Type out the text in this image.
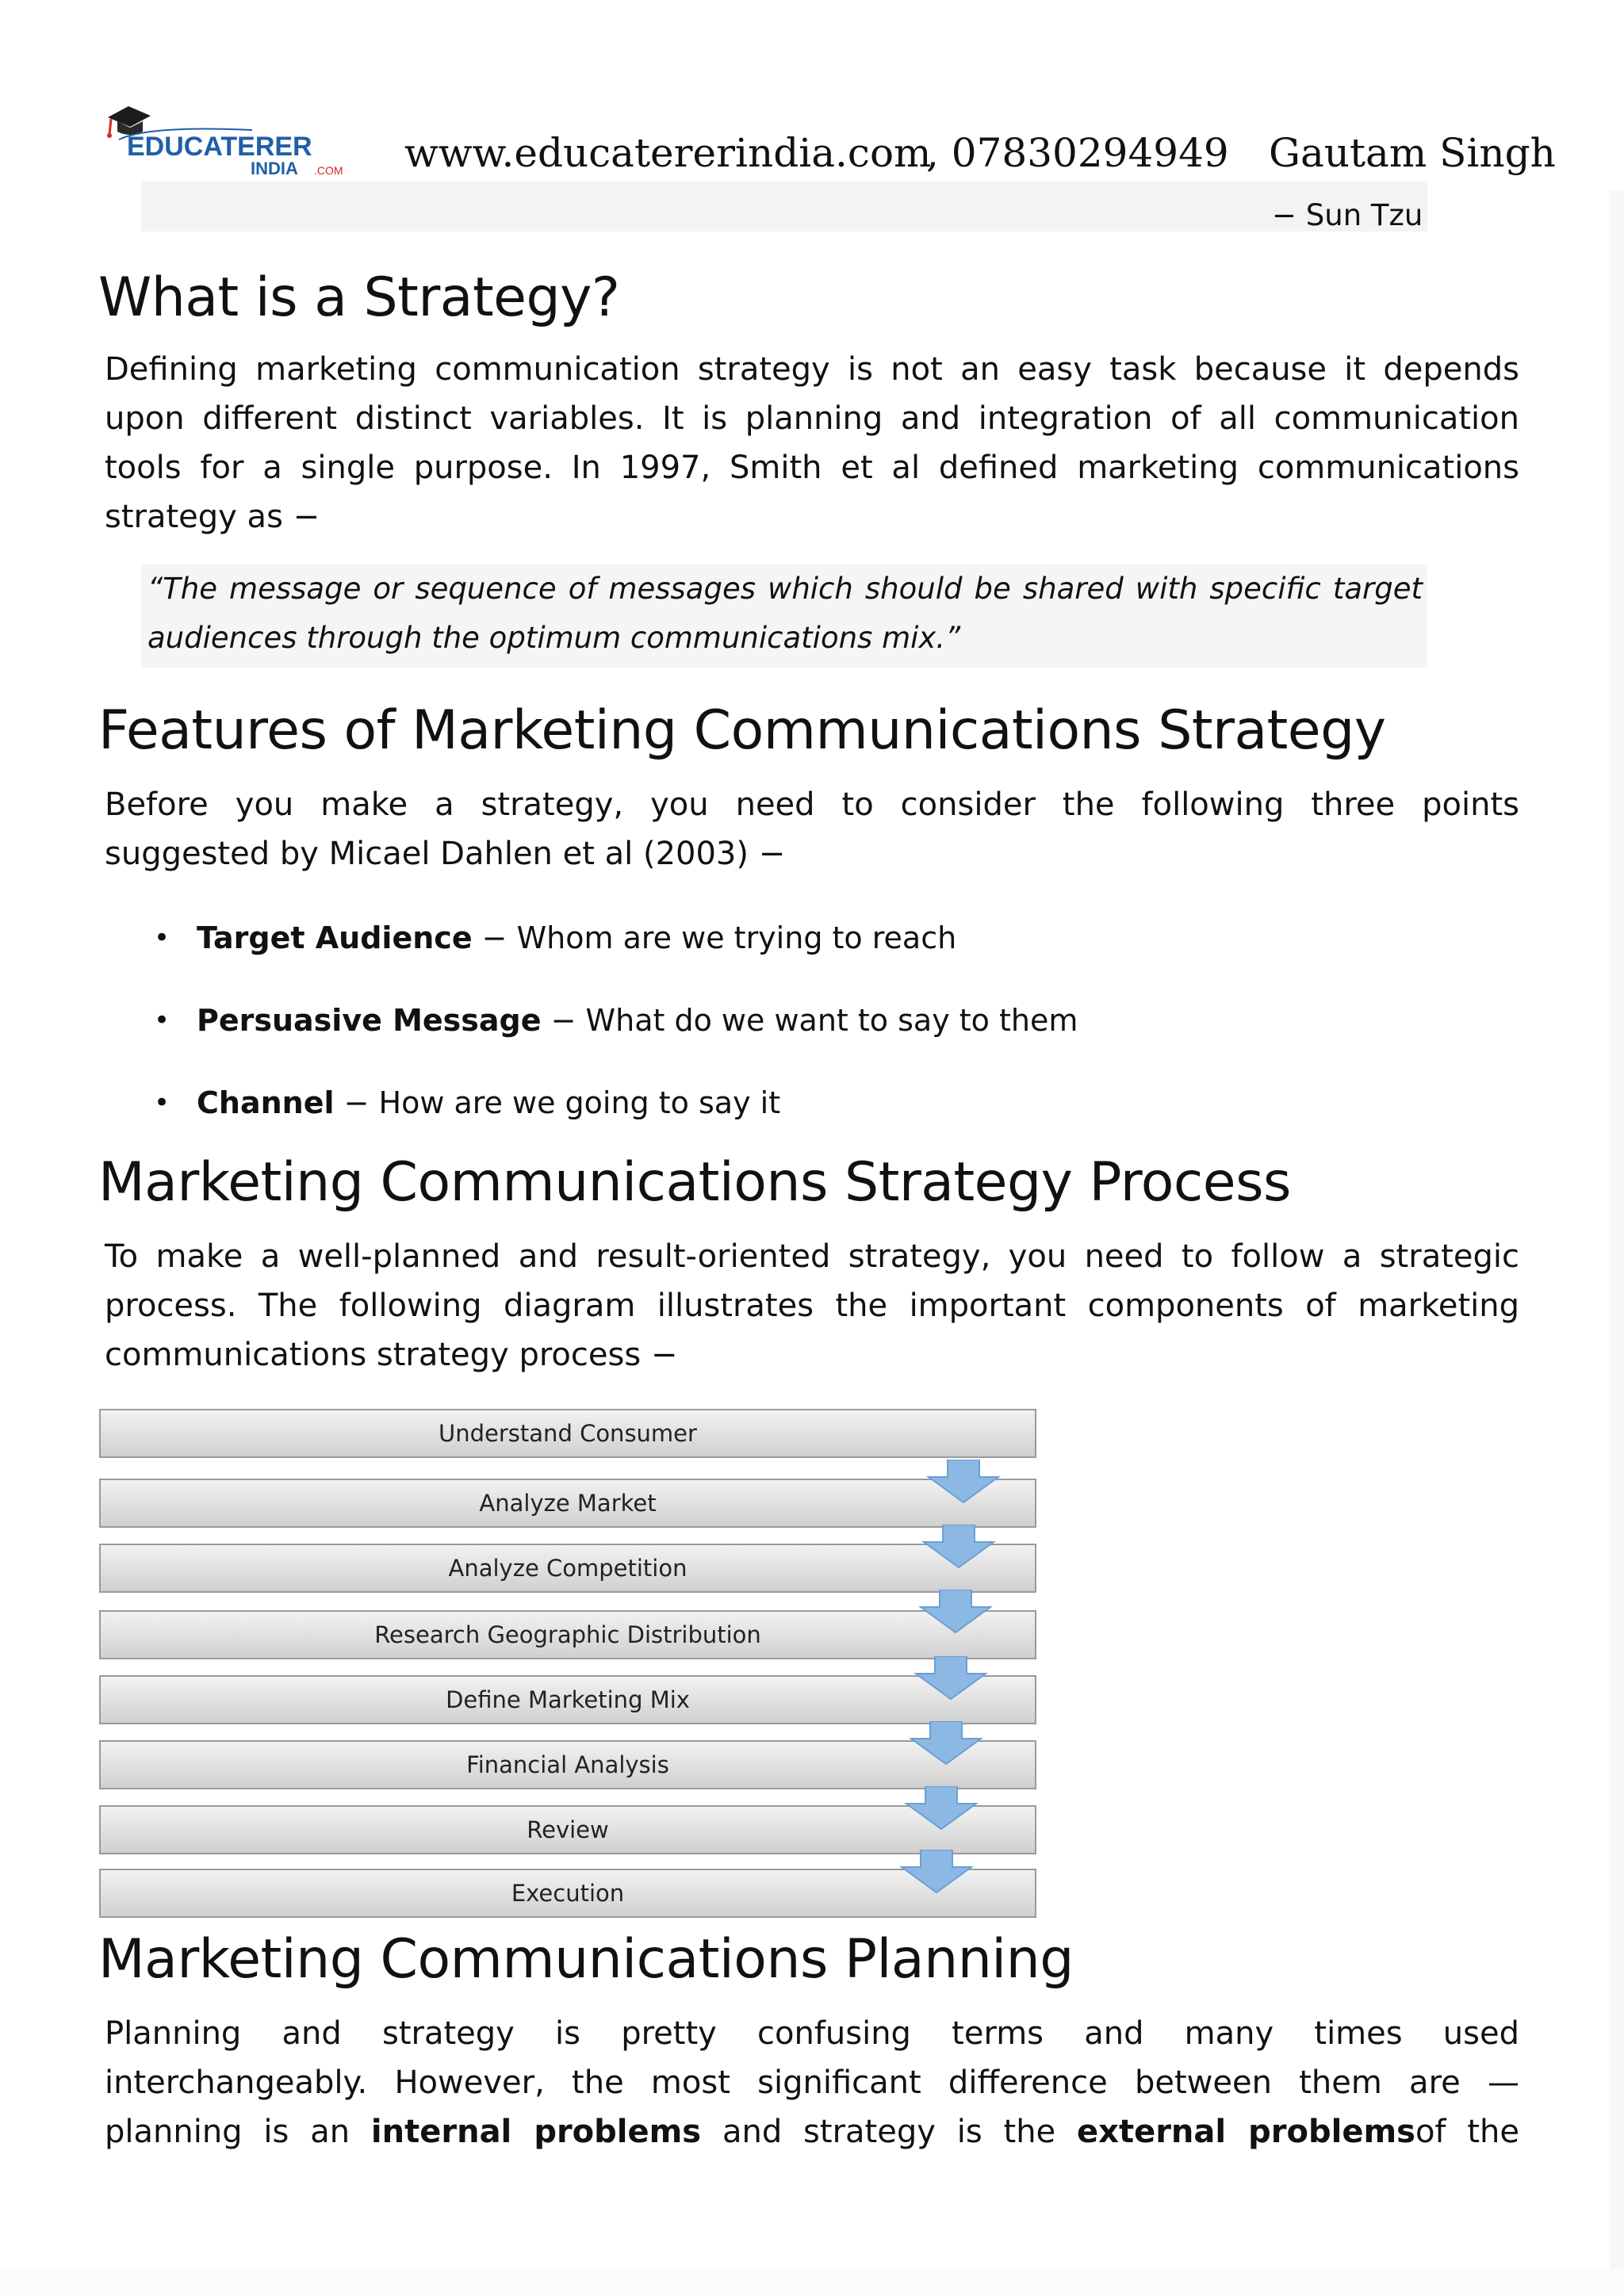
EDUCATERER
INDIA .COM

www.educatererindia.com

, 07830294949

Gautam Singh

− Sun Tzu
What is a Strategy?
Defining marketing communication strategy is not an easy task because it depends
upon different distinct variables. It is planning and integration of all communication
tools for a single purpose. In 1997, Smith et al defined marketing communications
strategy as −

“The message or sequence of messages which should be shared with specific target
audiences through the optimum communications mix.”

Features of Marketing Communications Strategy
Before you make a strategy, you need to consider the following three points
suggested by Micael Dahlen et al (2003) −
• Target Audience − Whom are we trying to reach
• Persuasive Message − What do we want to say to them
• Channel − How are we going to say it
Marketing Communications Strategy Process
To make a well-planned and result-oriented strategy, you need to follow a strategic
process. The following diagram illustrates the important components of marketing
communications strategy process −
Understand Consumer
Analyze Market
Analyze Competition
Research Geographic Distribution
Define Marketing Mix
Financial Analysis
Review
Execution
Marketing Communications Planning
Planning and strategy is pretty confusing terms and many times used
interchangeably. However, the most significant difference between them are —
planning is an internal problems and strategy is the external problemsof the
